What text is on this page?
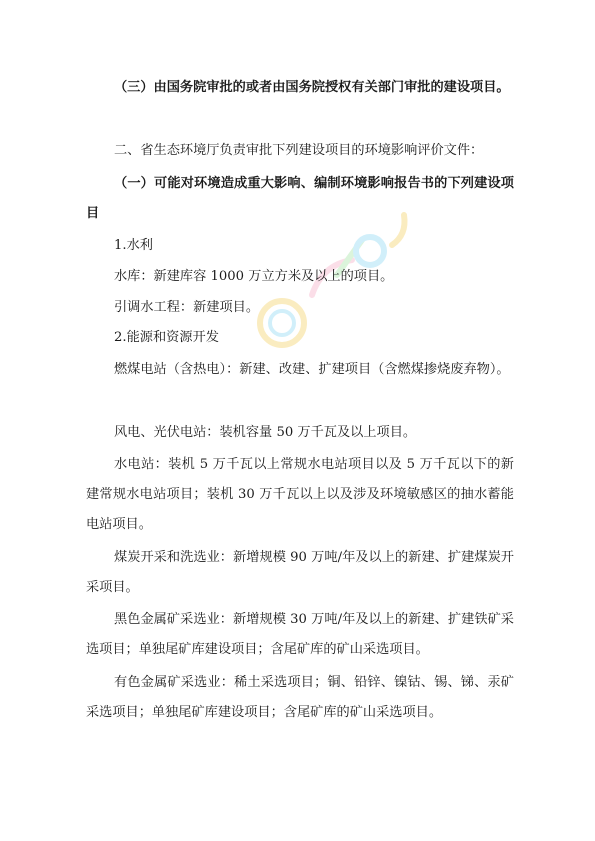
（三）由国务院审批的或者由国务院授权有关部门审批的建设项目。

二、省生态环境厅负责审批下列建设项目的环境影响评价文件：

（一）可能对环境造成重大影响、编制环境影响报告书的下列建设项目

1.水利

水库：新建库容 1000 万立方米及以上的项目。

引调水工程：新建项目。

2.能源和资源开发

燃煤电站（含热电）：新建、改建、扩建项目（含燃煤掺烧废弃物）。

风电、光伏电站：装机容量 50 万千瓦及以上项目。

水电站：装机 5 万千瓦以上常规水电站项目以及 5 万千瓦以下的新建常规水电站项目；装机 30 万千瓦以上以及涉及环境敏感区的抽水蓄能电站项目。

煤炭开采和洗选业：新增规模 90 万吨/年及以上的新建、扩建煤炭开采项目。

黑色金属矿采选业：新增规模 30 万吨/年及以上的新建、扩建铁矿采选项目；单独尾矿库建设项目；含尾矿库的矿山采选项目。

有色金属矿采选业：稀土采选项目；铜、铅锌、镍钴、锡、锑、汞矿采选项目；单独尾矿库建设项目；含尾矿库的矿山采选项目。
